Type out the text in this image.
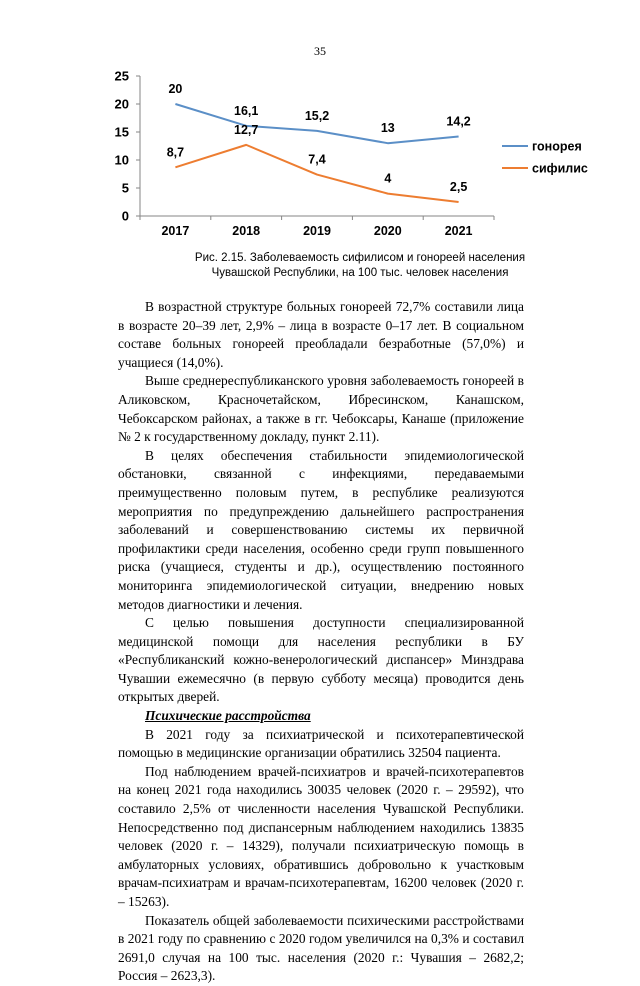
35
0
5
10
15
20
25
2017	2018	2019	2020	2021
20
16,1	15,2
13	14,2
8,7
12,7
7,4
4
2,5
гонорея
сифилис
Рис. 2.15. Заболеваемость сифилисом и гонореей населения
Чувашской Республики, на 100 тыс. человек населения

В возрастной структуре больных гонореей 72,7% составили лица в возрасте 20–39 лет, 2,9% – лица в возрасте 0–17 лет. В социальном составе больных гонореей преобладали безработные (57,0%) и учащиеся (14,0%).

Выше среднереспубликанского уровня заболеваемость гонореей в Аликовском, Красночетайском, Ибресинском, Канашском, Чебоксарском районах, а также в гг. Чебоксары, Канаше (приложение № 2 к государственному докладу, пункт 2.11).

В целях обеспечения стабильности эпидемиологической обстановки, связанной с инфекциями, передаваемыми преимущественно половым путем, в республике реализуются мероприятия по предупреждению дальнейшего распространения заболеваний и совершенствованию системы их первичной профилактики среди населения, особенно среди групп повышенного риска (учащиеся, студенты и др.), осуществлению постоянного мониторинга эпидемиологической ситуации, внедрению новых методов диагностики и лечения.

С целью повышения доступности специализированной медицинской помощи для населения республики в БУ «Республиканский кожно-венерологический диспансер» Минздрава Чувашии ежемесячно (в первую субботу месяца) проводится день открытых дверей.

Психические расстройства

В 2021 году за психиатрической и психотерапевтической помощью в медицинские организации обратились 32504 пациента.

Под наблюдением врачей-психиатров и врачей-психотерапевтов на конец 2021 года находились 30035 человек (2020 г. – 29592), что составило 2,5% от численности населения Чувашской Республики. Непосредственно под диспансерным наблюдением находились 13835 человек (2020 г. – 14329), получали психиатрическую помощь в амбулаторных условиях, обратившись добровольно к участковым врачам-психиатрам и врачам-психотерапевтам, 16200 человек (2020 г. – 15263).

Показатель общей заболеваемости психическими расстройствами в 2021 году по сравнению с 2020 годом увеличился на 0,3% и составил 2691,0 случая на 100 тыс. населения (2020 г.: Чувашия – 2682,2; Россия – 2623,3).
